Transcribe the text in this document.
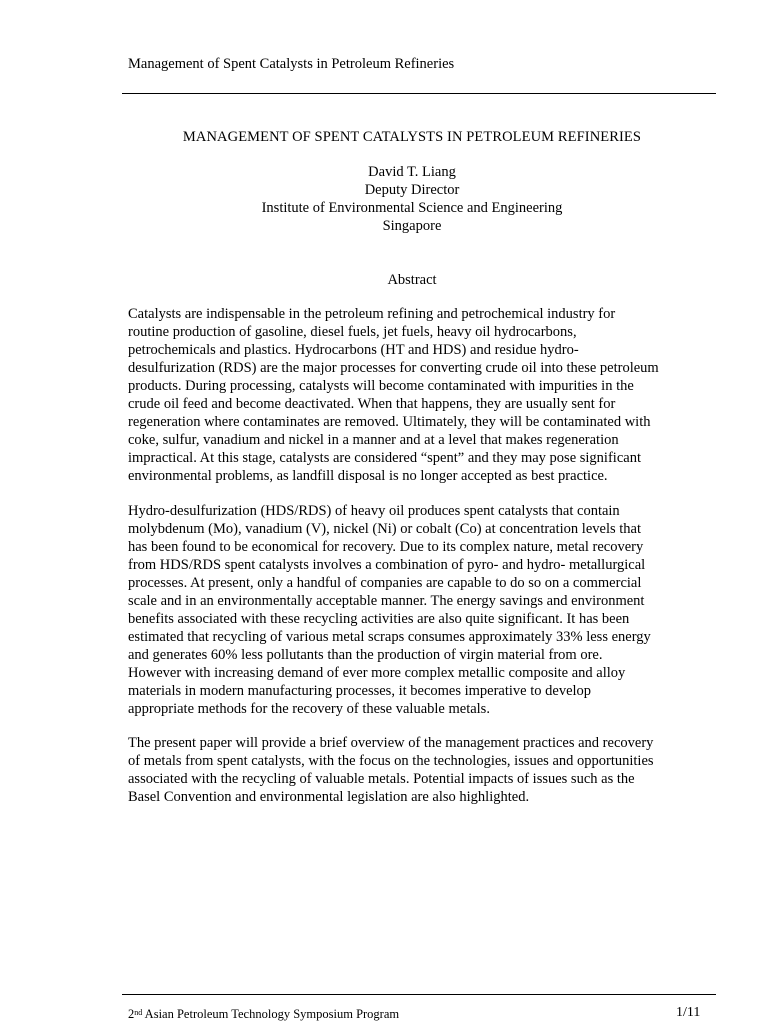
Management of Spent Catalysts in Petroleum Refineries
MANAGEMENT OF SPENT CATALYSTS IN PETROLEUM REFINERIES
David T. Liang
Deputy Director
Institute of Environmental Science and Engineering
Singapore
Abstract
Catalysts are indispensable in the petroleum refining and petrochemical industry for
routine production of gasoline, diesel fuels, jet fuels, heavy oil hydrocarbons,
petrochemicals and plastics. Hydrocarbons (HT and HDS) and residue hydro-
desulfurization (RDS) are the major processes for converting crude oil into these petroleum
products. During processing, catalysts will become contaminated with impurities in the
crude oil feed and become deactivated. When that happens, they are usually sent for
regeneration where contaminates are removed. Ultimately, they will be contaminated with
coke, sulfur, vanadium and nickel in a manner and at a level that makes regeneration
impractical. At this stage, catalysts are considered “spent” and they may pose significant
environmental problems, as landfill disposal is no longer accepted as best practice.
Hydro-desulfurization (HDS/RDS) of heavy oil produces spent catalysts that contain
molybdenum (Mo), vanadium (V), nickel (Ni) or cobalt (Co) at concentration levels that
has been found to be economical for recovery. Due to its complex nature, metal recovery
from HDS/RDS spent catalysts involves a combination of pyro- and hydro- metallurgical
processes. At present, only a handful of companies are capable to do so on a commercial
scale and in an environmentally acceptable manner. The energy savings and environment
benefits associated with these recycling activities are also quite significant. It has been
estimated that recycling of various metal scraps consumes approximately 33% less energy
and generates 60% less pollutants than the production of virgin material from ore.
However with increasing demand of ever more complex metallic composite and alloy
materials in modern manufacturing processes, it becomes imperative to develop
appropriate methods for the recovery of these valuable metals.
The present paper will provide a brief overview of the management practices and recovery
of metals from spent catalysts, with the focus on the technologies, issues and opportunities
associated with the recycling of valuable metals. Potential impacts of issues such as the
Basel Convention and environmental legislation are also highlighted.
2nd Asian Petroleum Technology Symposium Program	1/11
